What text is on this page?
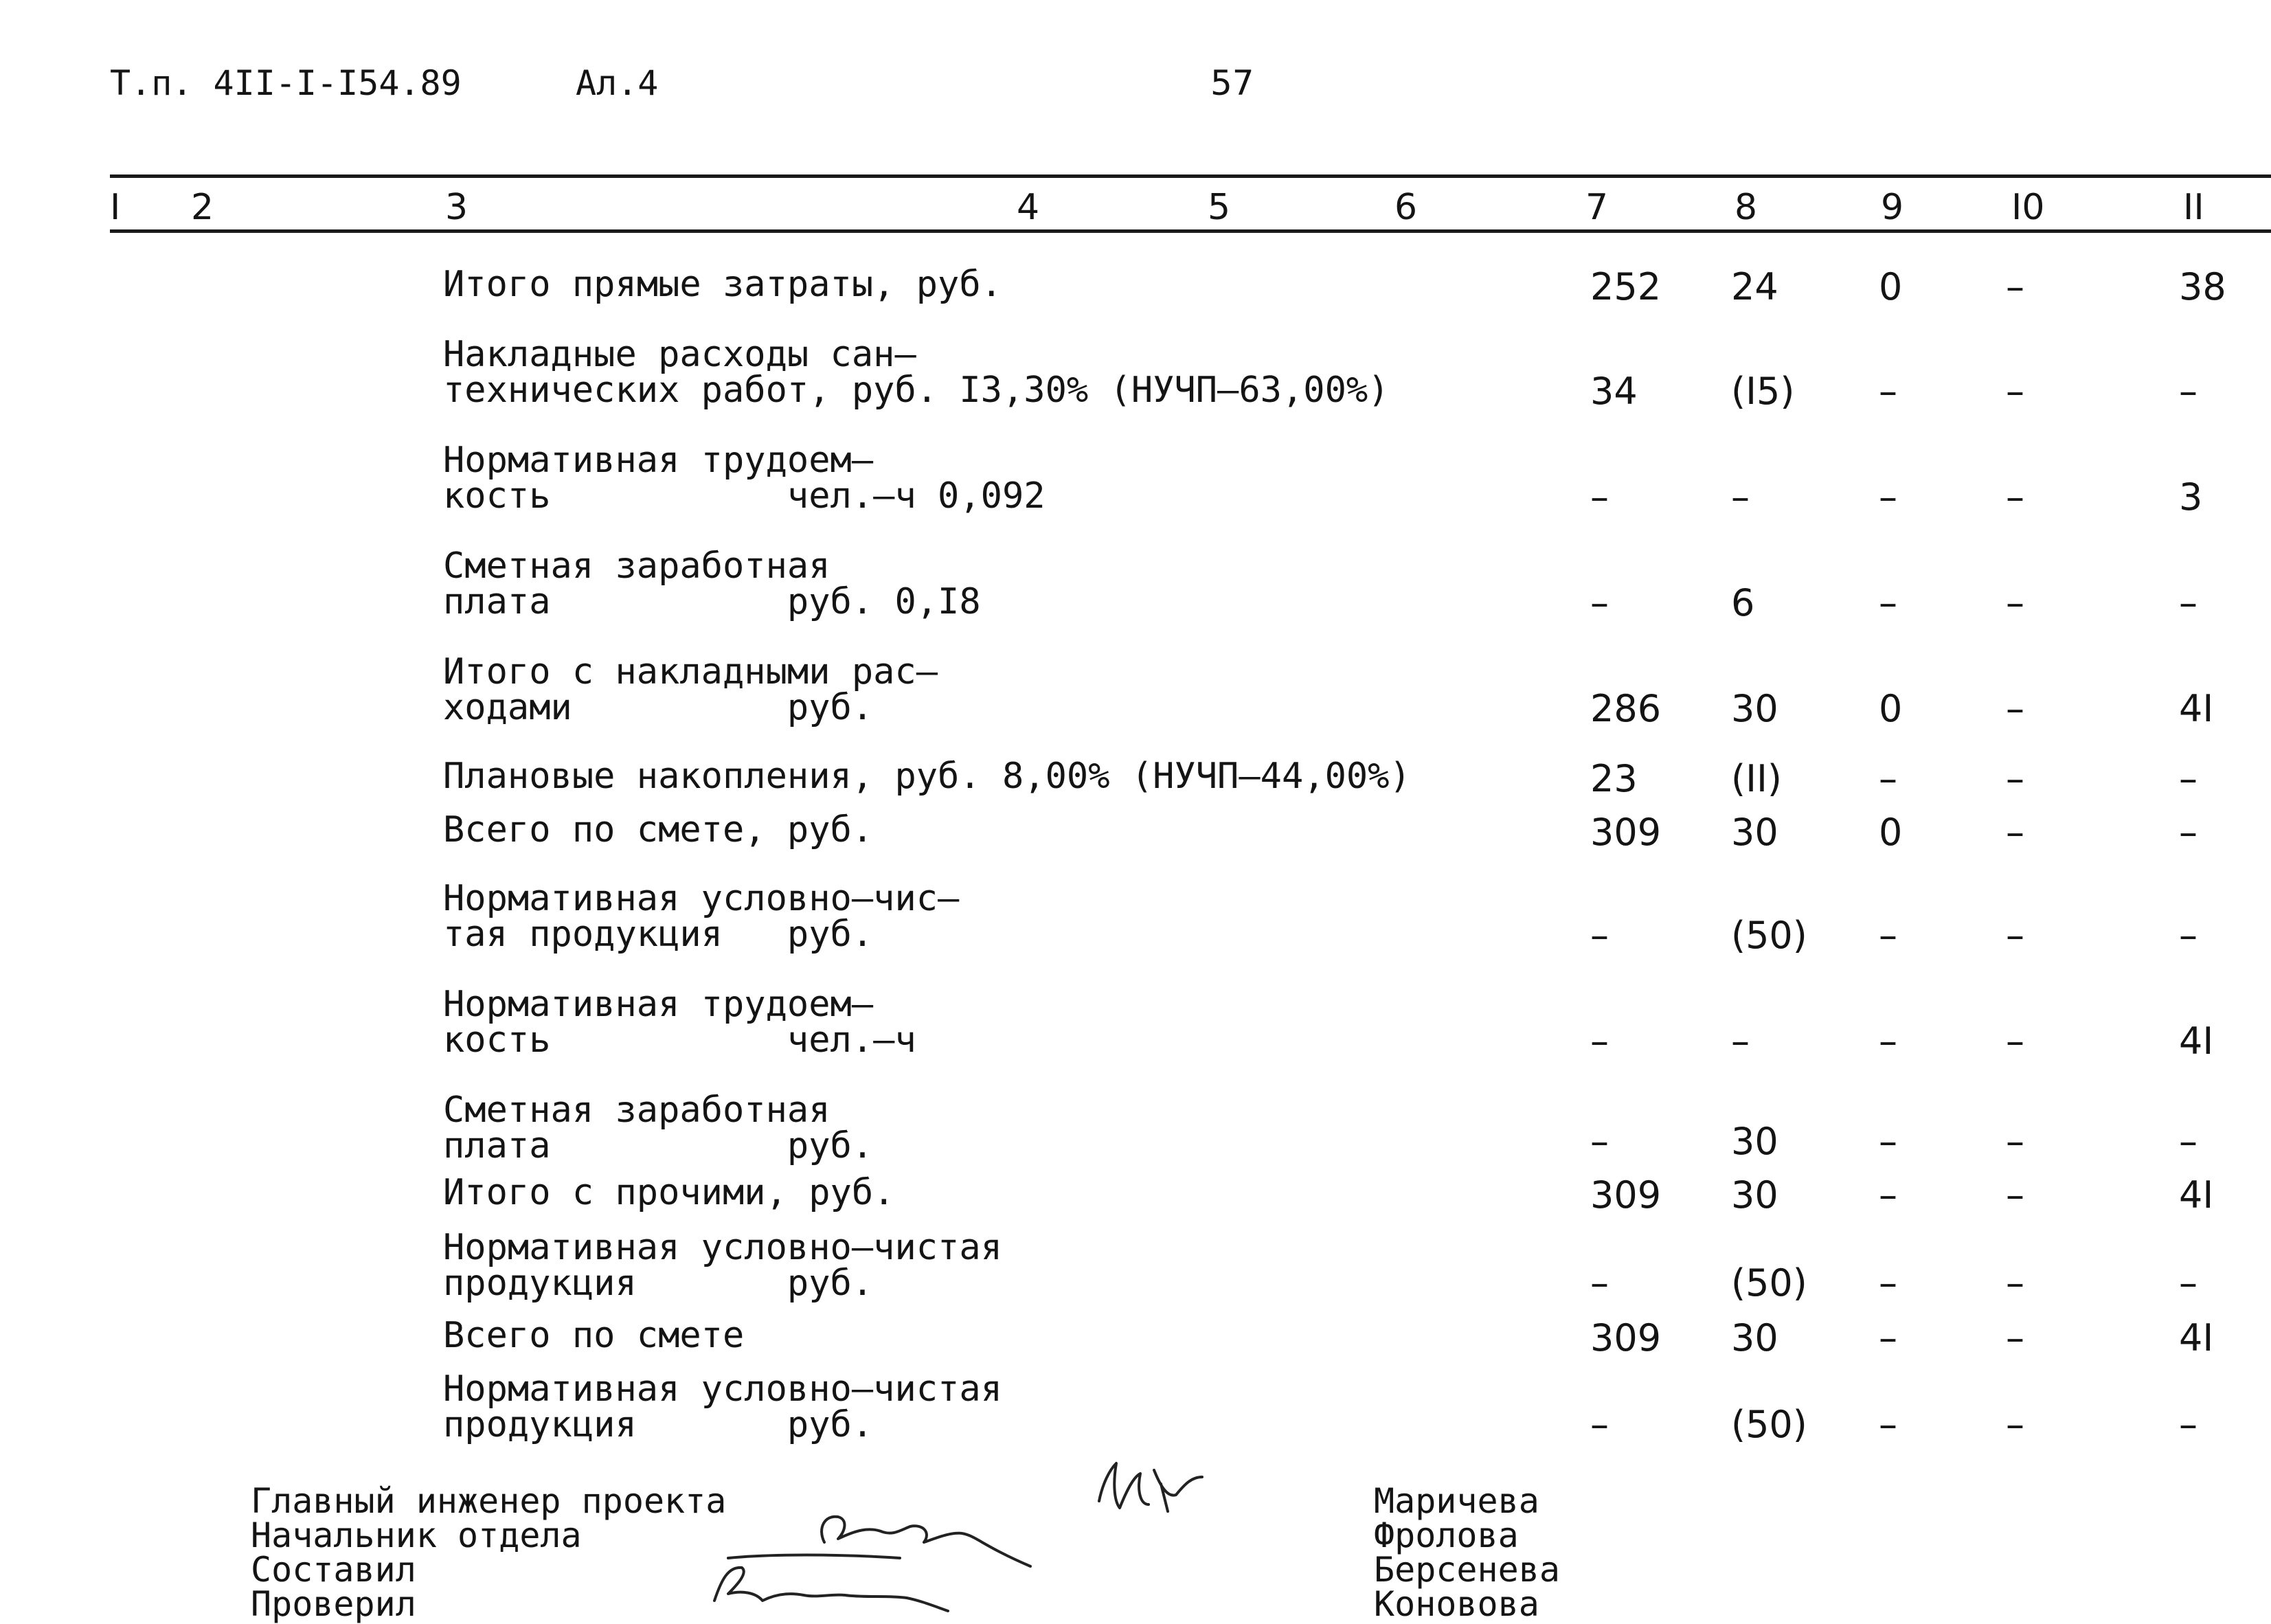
Т.п. 4II-I-I54.89	Ал.4	57
I 2	3	4	5	6	7	8	9	I0	II
Итого прямые затраты, руб.	252 24	0	–	38
Накладные расходы сан–
технических работ, руб. I3,30% (НУЧП–63,00%)	34	(I5) –	–	–
Нормативная трудоем–
кость           чел.–ч 0,092	–	–	–	–	3
Сметная заработная
плата           руб. 0,I8	–	6	–	–	–
Итого с накладными рас–
ходами          руб.	286 30	0	–	4I
Плановые накопления, руб. 8,00% (НУЧП–44,00%)	23	(II)	–	–	–
Всего по смете, руб.	309 30	0	–	–
Нормативная условно–чис–
тая продукция   руб.	–	(50) –	–	–
Нормативная трудоем–
кость           чел.–ч	–	–	–	–	4I
Сметная заработная
плата           руб.	–	30	–	–	–
Итого с прочими, руб.	309 30	–	–	4I
Нормативная условно–чистая
продукция       руб.	–	(50) –	–	–
Всего по смете	309 30	–	–	4I
Нормативная условно–чистая
продукция       руб.	–	(50) –	–	–
Главный инженер проекта
Начальник отдела
Составил
Проверил
Маричева
Фролова
Берсенева
Коновова
